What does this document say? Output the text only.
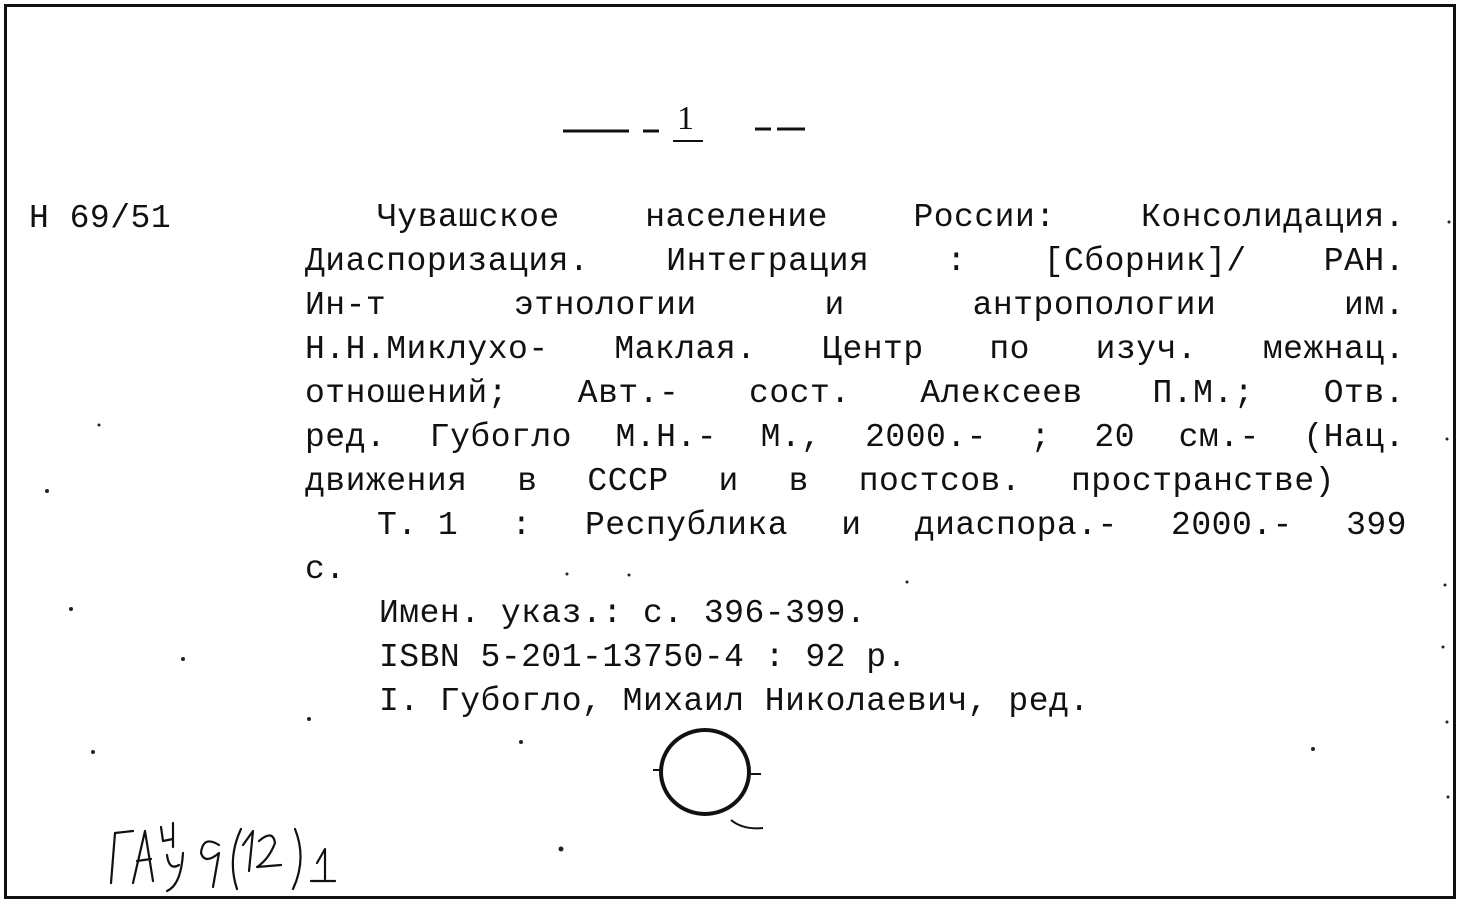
1
Н 69/51	Чувашское	население	России:	Консолидация.
Диаспоризация. Интеграция : [Сборник]/ РАН.
Ин-т	этнологии	и	антропологии	им.
Н.Н.Миклухо- Маклая. Центр по изуч. межнац.
отношений; Авт.- сост. Алексеев П.М.; Отв.
ред. Губогло М.Н.- М., 2000.- ; 20 см.- (Нац.
движения в СССР и в постсов. пространстве)
Т. 1 : Республика и диаспора.- 2000.- 399
с.
Имен. указ.: с. 396-399.
ISBN 5-201-13750-4 : 92 р.
I. Губогло, Михаил Николаевич, ред.
